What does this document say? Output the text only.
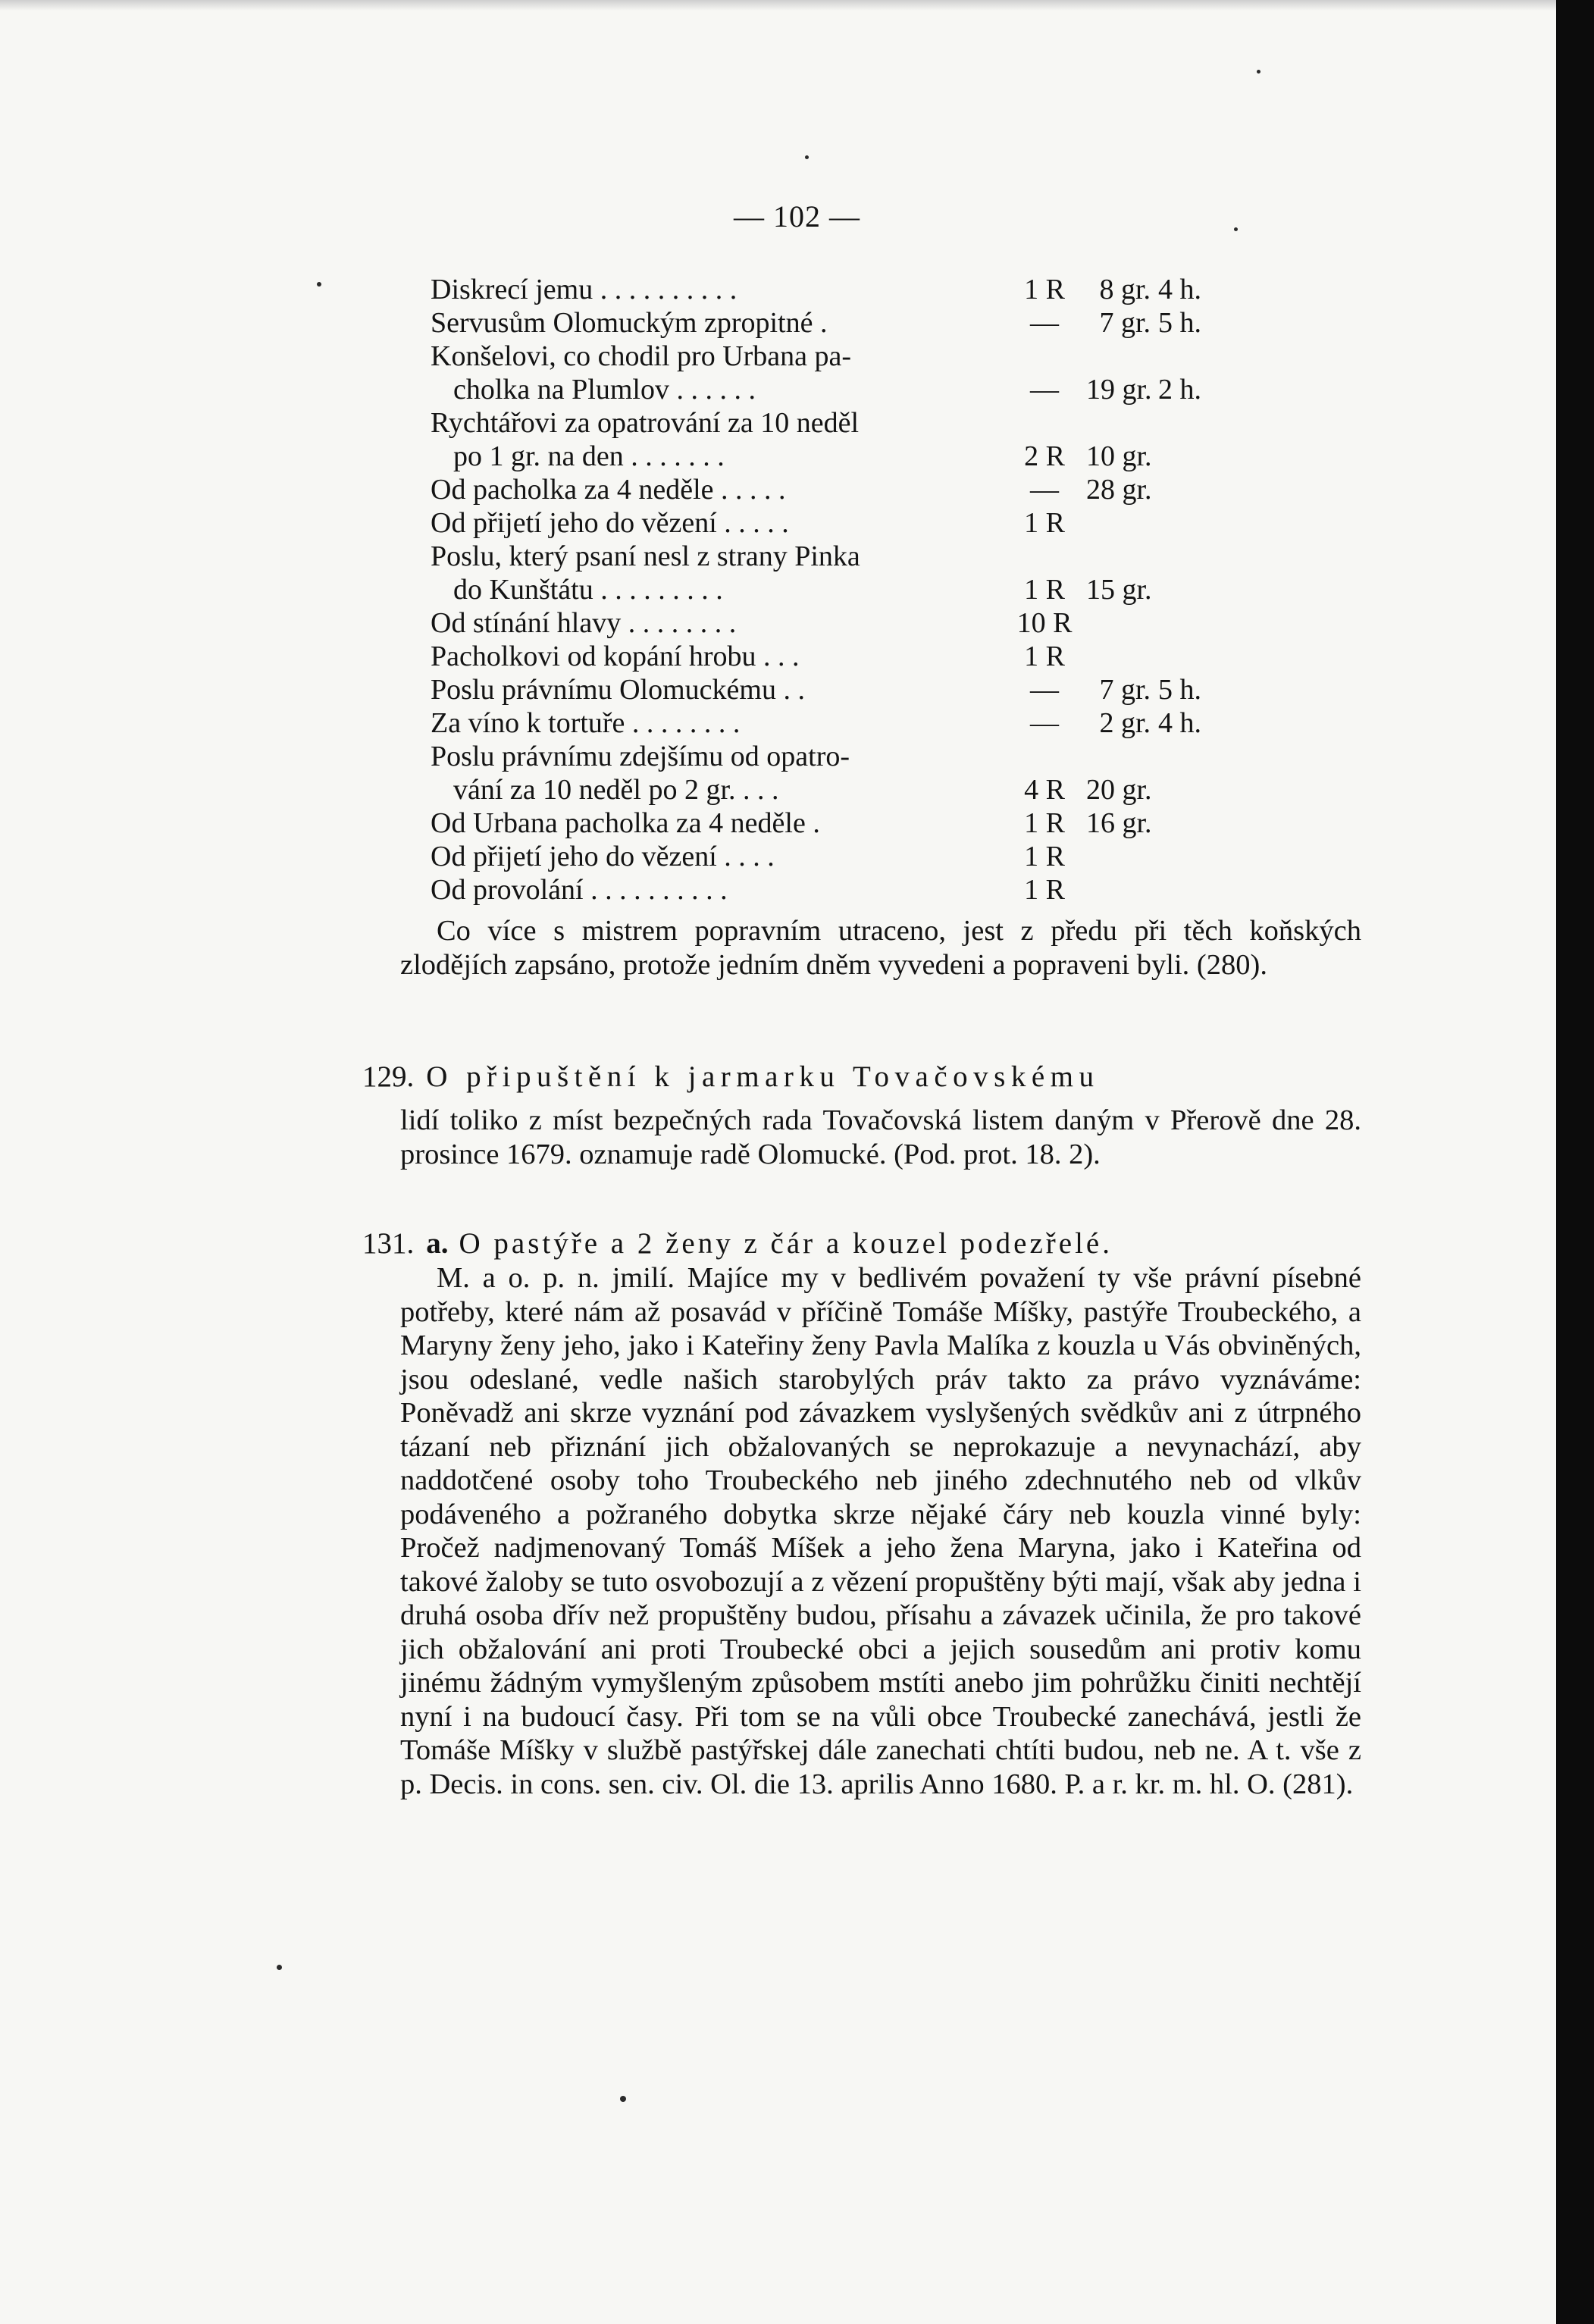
— 102 —
Diskrecí jemu . . . . . . . . . .	1 R	8 gr. 4 h.
Servusům Olomuckým zpropitné .	—	7 gr. 5 h.
Konšelovi, co chodil pro Urbana pa-
cholka na Plumlov . . . . . .	— 19 gr. 2 h.
Rychtářovi za opatrování za 10 neděl
po 1 gr. na den . . . . . . .	2 R 10 gr.
Od pacholka za 4 neděle . . . . .	— 28 gr.
Od přijetí jeho do vězení . . . . .	1 R
Poslu, který psaní nesl z strany Pinka
do Kunštátu . . . . . . . . .	1 R 15 gr.
Od stínání hlavy . . . . . . . .	10 R
Pacholkovi od kopání hrobu . . .	1 R
Poslu právnímu Olomuckému . .	—	7 gr. 5 h.
Za víno k tortuře . . . . . . . .	—	2 gr. 4 h.
Poslu právnímu zdejšímu od opatro-
vání za 10 neděl po 2 gr. . . .	4 R 20 gr.
Od Urbana pacholka za 4 neděle .	1 R 16 gr.
Od přijetí jeho do vězení . . . .	1 R
Od provolání . . . . . . . . . .	1 R
Co více s mistrem popravním utraceno, jest z předu při těch koňských zlodějích zapsáno, protože jedním dněm vyvedeni a popraveni byli. (280).
129. O připuštění k jarmarku Tovačovskému
lidí toliko z míst bezpečných rada Tovačovská listem daným v Přerově dne 28. prosince 1679. oznamuje radě Olomucké. (Pod. prot. 18. 2).
131. a. O pastýře a 2 ženy z čár a kouzel podezřelé.
M. a o. p. n. jmilí. Majíce my v bedlivém považení ty vše právní písebné potřeby, které nám až posavád v příčině Tomáše Míšky, pastýře Troubeckého, a Maryny ženy jeho, jako i Kateřiny ženy Pavla Malíka z kouzla u Vás obviněných, jsou odeslané, vedle našich starobylých práv takto za právo vyznáváme: Poněvadž ani skrze vyznání pod závazkem vyslyšených svědkův ani z útrpného tázaní neb přiznání jich obžalovaných se neprokazuje a nevynachází, aby naddotčené osoby toho Troubeckého neb jiného zdechnutého neb od vlkův podáveného a požraného dobytka skrze nějaké čáry neb kouzla vinné byly: Pročež nadjmenovaný Tomáš Míšek a jeho žena Maryna, jako i Kateřina od takové žaloby se tuto osvobozují a z vězení propuštěny býti mají, však aby jedna i druhá osoba dřív než propuštěny budou, přísahu a závazek učinila, že pro takové jich obžalování ani proti Troubecké obci a jejich sousedům ani protiv komu jinému žádným vymyšleným způsobem mstíti anebo jim pohrůžku činiti nechtějí nyní i na budoucí časy. Při tom se na vůli obce Troubecké zanechává, jestli že Tomáše Míšky v službě pastýřskej dále zanechati chtíti budou, neb ne. A t. vše z p. Decis. in cons. sen. civ. Ol. die 13. aprilis Anno 1680. P. a r. kr. m. hl. O. (281).
